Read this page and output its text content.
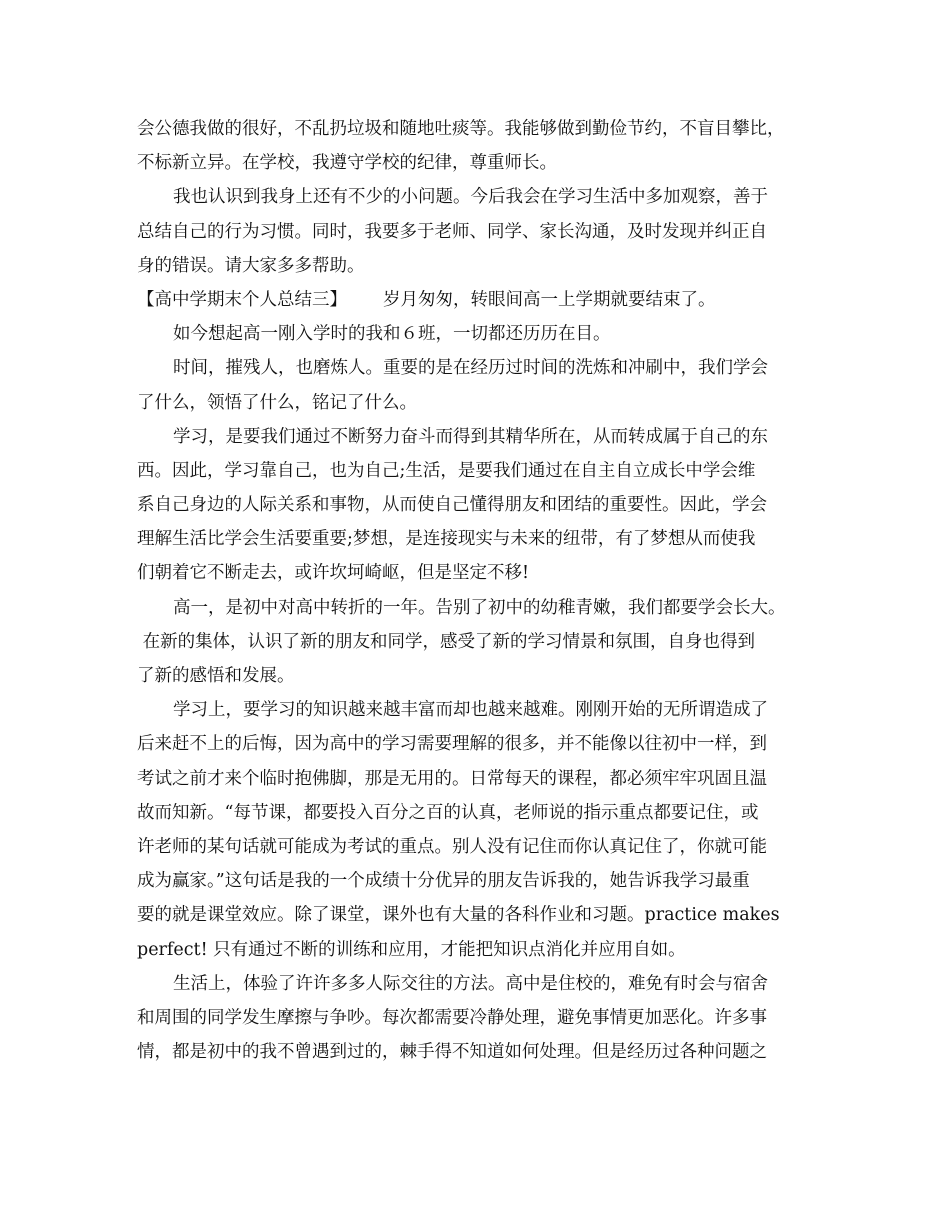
会公德我做的很好，不乱扔垃圾和随地吐痰等。我能够做到勤俭节约，不盲目攀比，
不标新立异。在学校，我遵守学校的纪律，尊重师长。
我也认识到我身上还有不少的小问题。今后我会在学习生活中多加观察，善于
总结自己的行为习惯。同时，我要多于老师、同学、家长沟通，及时发现并纠正自
身的错误。请大家多多帮助。
【高中学期末个人总结三】 岁月匆匆，转眼间高一上学期就要结束了。
如今想起高一刚入学时的我和６班，一切都还历历在目。
时间，摧残人，也磨炼人。重要的是在经历过时间的洗炼和冲刷中，我们学会
了什么，领悟了什么，铭记了什么。
学习，是要我们通过不断努力奋斗而得到其精华所在，从而转成属于自己的东
西。因此，学习靠自己，也为自己;生活，是要我们通过在自主自立成长中学会维
系自己身边的人际关系和事物，从而使自己懂得朋友和团结的重要性。因此，学会
理解生活比学会生活要重要;梦想，是连接现实与未来的纽带，有了梦想从而使我
们朝着它不断走去，或许坎坷崎岖，但是坚定不移!
高一，是初中对高中转折的一年。告别了初中的幼稚青嫩，我们都要学会长大。
在新的集体，认识了新的朋友和同学，感受了新的学习情景和氛围，自身也得到
了新的感悟和发展。
学习上，要学习的知识越来越丰富而却也越来越难。刚刚开始的无所谓造成了
后来赶不上的后悔，因为高中的学习需要理解的很多，并不能像以往初中一样，到
考试之前才来个临时抱佛脚，那是无用的。日常每天的课程，都必须牢牢巩固且温
故而知新。“每节课，都要投入百分之百的认真，老师说的指示重点都要记住，或
许老师的某句话就可能成为考试的重点。别人没有记住而你认真记住了，你就可能
成为赢家。”这句话是我的一个成绩十分优异的朋友告诉我的，她告诉我学习最重
要的就是课堂效应。除了课堂，课外也有大量的各科作业和习题。practice makes
perfect! 只有通过不断的训练和应用，才能把知识点消化并应用自如。
生活上，体验了许许多多人际交往的方法。高中是住校的，难免有时会与宿舍
和周围的同学发生摩擦与争吵。每次都需要冷静处理，避免事情更加恶化。许多事
情，都是初中的我不曾遇到过的，棘手得不知道如何处理。但是经历过各种问题之
